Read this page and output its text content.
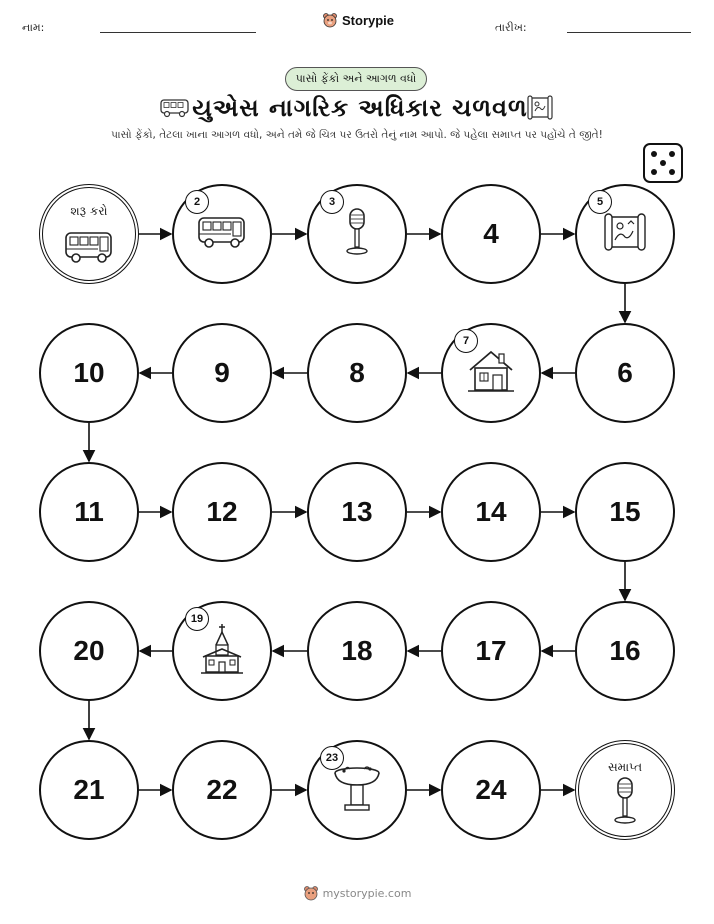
નામ:	Storypie	તારીખ:
પાસો ફેંકો અને આગળ વધો
યુએસ નાગરિક અધિકાર ચળવળ
પાસો ફેંકો, તેટલા ખાના આગળ વધો, અને તમે જે ચિત્ર પર ઉતરો તેનું નામ આપો. જે પહેલા સમાપ્ત પર પહોંચે તે જીતે!
શરૂ કરો
2	3
4
5
6
7
8
9
10
11	12	13	14	15
16
17
18
19
20
21	22
23
24
સમાપ્ત
mystorypie.com
